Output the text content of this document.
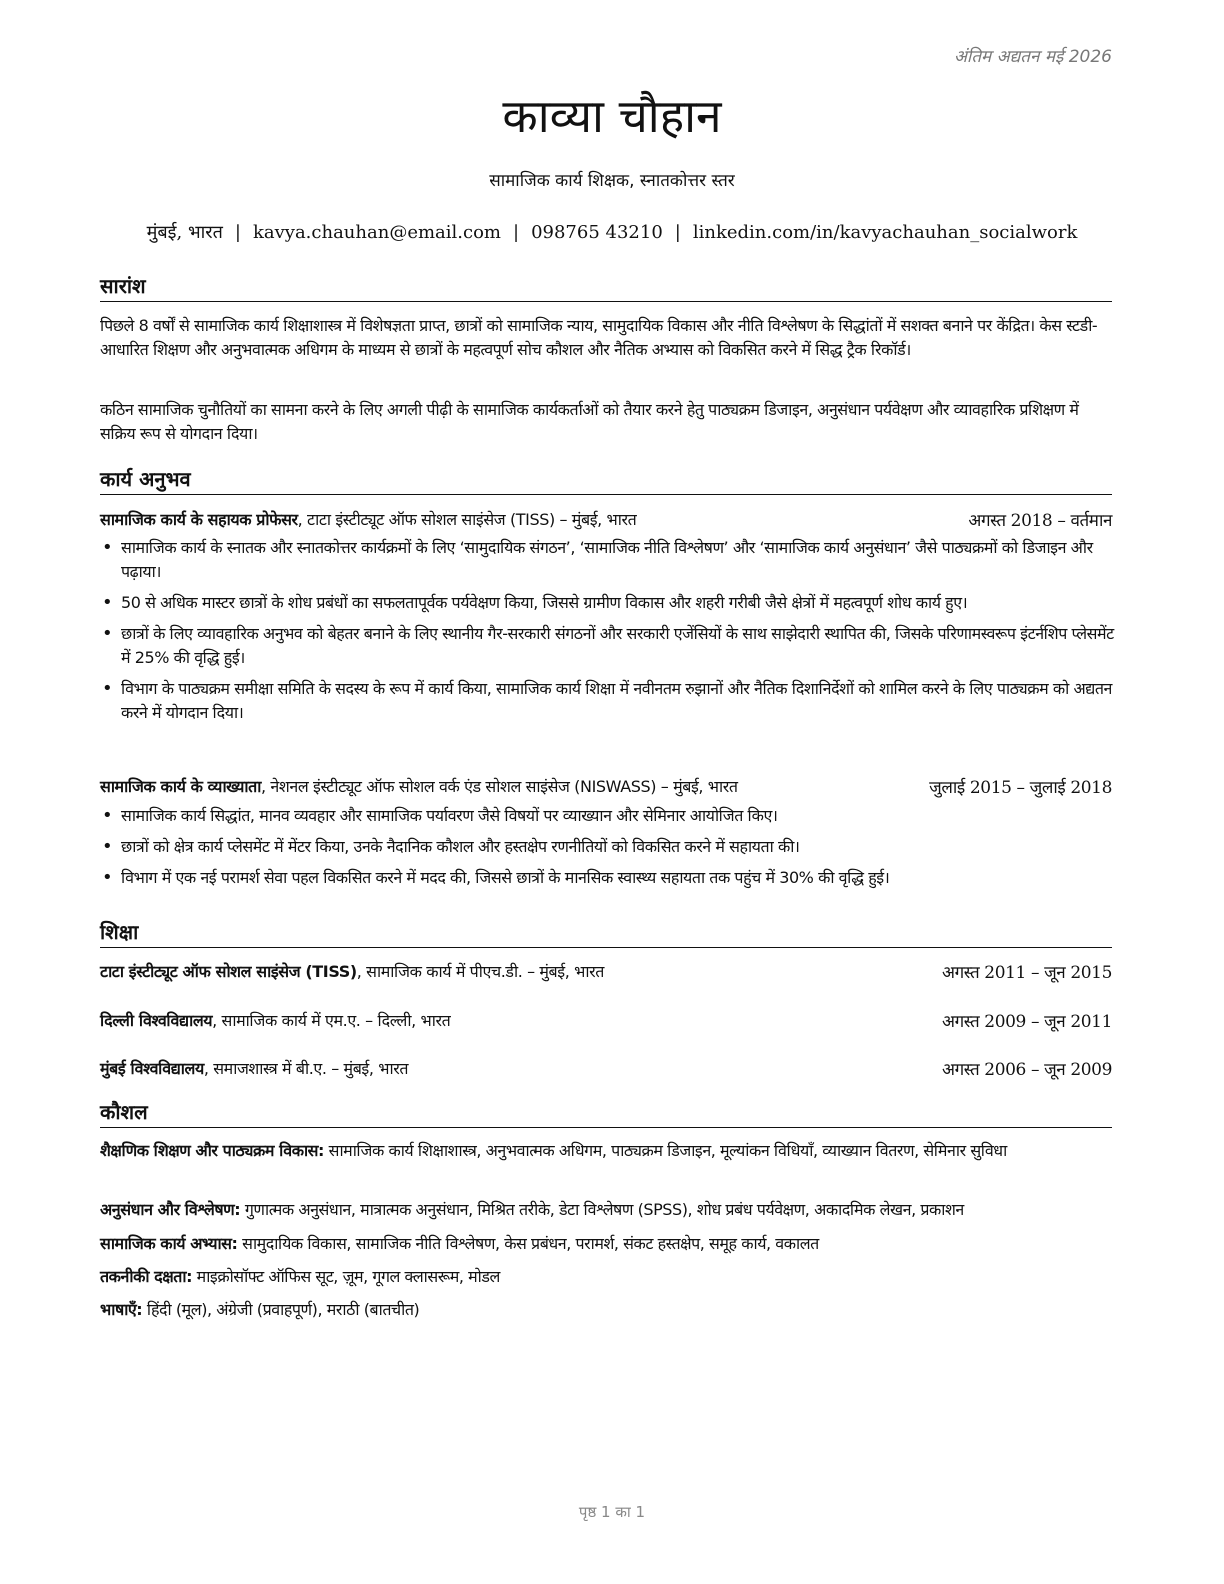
अंतिम अद्यतन मई 2026
काव्या चौहान
सामाजिक कार्य शिक्षक, स्नातकोत्तर स्तर
मुंबई, भारत | kavya.chauhan@email.com | 098765 43210 | linkedin.com/in/kavyachauhan_socialwork
सारांश
पिछले 8 वर्षों से सामाजिक कार्य शिक्षाशास्त्र में विशेषज्ञता प्राप्त, छात्रों को सामाजिक न्याय, सामुदायिक विकास और नीति विश्लेषण के सिद्धांतों में सशक्त बनाने पर केंद्रित। केस स्टडी-आधारित शिक्षण और अनुभवात्मक अधिगम के माध्यम से छात्रों के महत्वपूर्ण सोच कौशल और नैतिक अभ्यास को विकसित करने में सिद्ध ट्रैक रिकॉर्ड।
कठिन सामाजिक चुनौतियों का सामना करने के लिए अगली पीढ़ी के सामाजिक कार्यकर्ताओं को तैयार करने हेतु पाठ्यक्रम डिजाइन, अनुसंधान पर्यवेक्षण और व्यावहारिक प्रशिक्षण में सक्रिय रूप से योगदान दिया।
कार्य अनुभव
सामाजिक कार्य के सहायक प्रोफेसर, टाटा इंस्टीट्यूट ऑफ सोशल साइंसेज (TISS) – मुंबई, भारत	अगस्त 2018 – वर्तमान
• सामाजिक कार्य के स्नातक और स्नातकोत्तर कार्यक्रमों के लिए ‘सामुदायिक संगठन’, ‘सामाजिक नीति विश्लेषण’ और ‘सामाजिक कार्य अनुसंधान’ जैसे पाठ्यक्रमों को डिजाइन और पढ़ाया।
• 50 से अधिक मास्टर छात्रों के शोध प्रबंधों का सफलतापूर्वक पर्यवेक्षण किया, जिससे ग्रामीण विकास और शहरी गरीबी जैसे क्षेत्रों में महत्वपूर्ण शोध कार्य हुए।
• छात्रों के लिए व्यावहारिक अनुभव को बेहतर बनाने के लिए स्थानीय गैर-सरकारी संगठनों और सरकारी एजेंसियों के साथ साझेदारी स्थापित की, जिसके परिणामस्वरूप इंटर्नशिप प्लेसमेंट में 25% की वृद्धि हुई।
• विभाग के पाठ्यक्रम समीक्षा समिति के सदस्य के रूप में कार्य किया, सामाजिक कार्य शिक्षा में नवीनतम रुझानों और नैतिक दिशानिर्देशों को शामिल करने के लिए पाठ्यक्रम को अद्यतन करने में योगदान दिया।
सामाजिक कार्य के व्याख्याता, नेशनल इंस्टीट्यूट ऑफ सोशल वर्क एंड सोशल साइंसेज (NISWASS) – मुंबई, भारत	जुलाई 2015 – जुलाई 2018
• सामाजिक कार्य सिद्धांत, मानव व्यवहार और सामाजिक पर्यावरण जैसे विषयों पर व्याख्यान और सेमिनार आयोजित किए।
• छात्रों को क्षेत्र कार्य प्लेसमेंट में मेंटर किया, उनके नैदानिक कौशल और हस्तक्षेप रणनीतियों को विकसित करने में सहायता की।
• विभाग में एक नई परामर्श सेवा पहल विकसित करने में मदद की, जिससे छात्रों के मानसिक स्वास्थ्य सहायता तक पहुंच में 30% की वृद्धि हुई।
शिक्षा
टाटा इंस्टीट्यूट ऑफ सोशल साइंसेज (TISS), सामाजिक कार्य में पीएच.डी. – मुंबई, भारत	अगस्त 2011 – जून 2015
दिल्ली विश्वविद्यालय, सामाजिक कार्य में एम.ए. – दिल्ली, भारत	अगस्त 2009 – जून 2011
मुंबई विश्वविद्यालय, समाजशास्त्र में बी.ए. – मुंबई, भारत	अगस्त 2006 – जून 2009
कौशल
शैक्षणिक शिक्षण और पाठ्यक्रम विकास: सामाजिक कार्य शिक्षाशास्त्र, अनुभवात्मक अधिगम, पाठ्यक्रम डिजाइन, मूल्यांकन विधियाँ, व्याख्यान वितरण, सेमिनार सुविधा
अनुसंधान और विश्लेषण: गुणात्मक अनुसंधान, मात्रात्मक अनुसंधान, मिश्रित तरीके, डेटा विश्लेषण (SPSS), शोध प्रबंध पर्यवेक्षण, अकादमिक लेखन, प्रकाशन
सामाजिक कार्य अभ्यास: सामुदायिक विकास, सामाजिक नीति विश्लेषण, केस प्रबंधन, परामर्श, संकट हस्तक्षेप, समूह कार्य, वकालत
तकनीकी दक्षता: माइक्रोसॉफ्ट ऑफिस सूट, ज़ूम, गूगल क्लासरूम, मोडल
भाषाएँ: हिंदी (मूल), अंग्रेजी (प्रवाहपूर्ण), मराठी (बातचीत)
पृष्ठ 1 का 1
